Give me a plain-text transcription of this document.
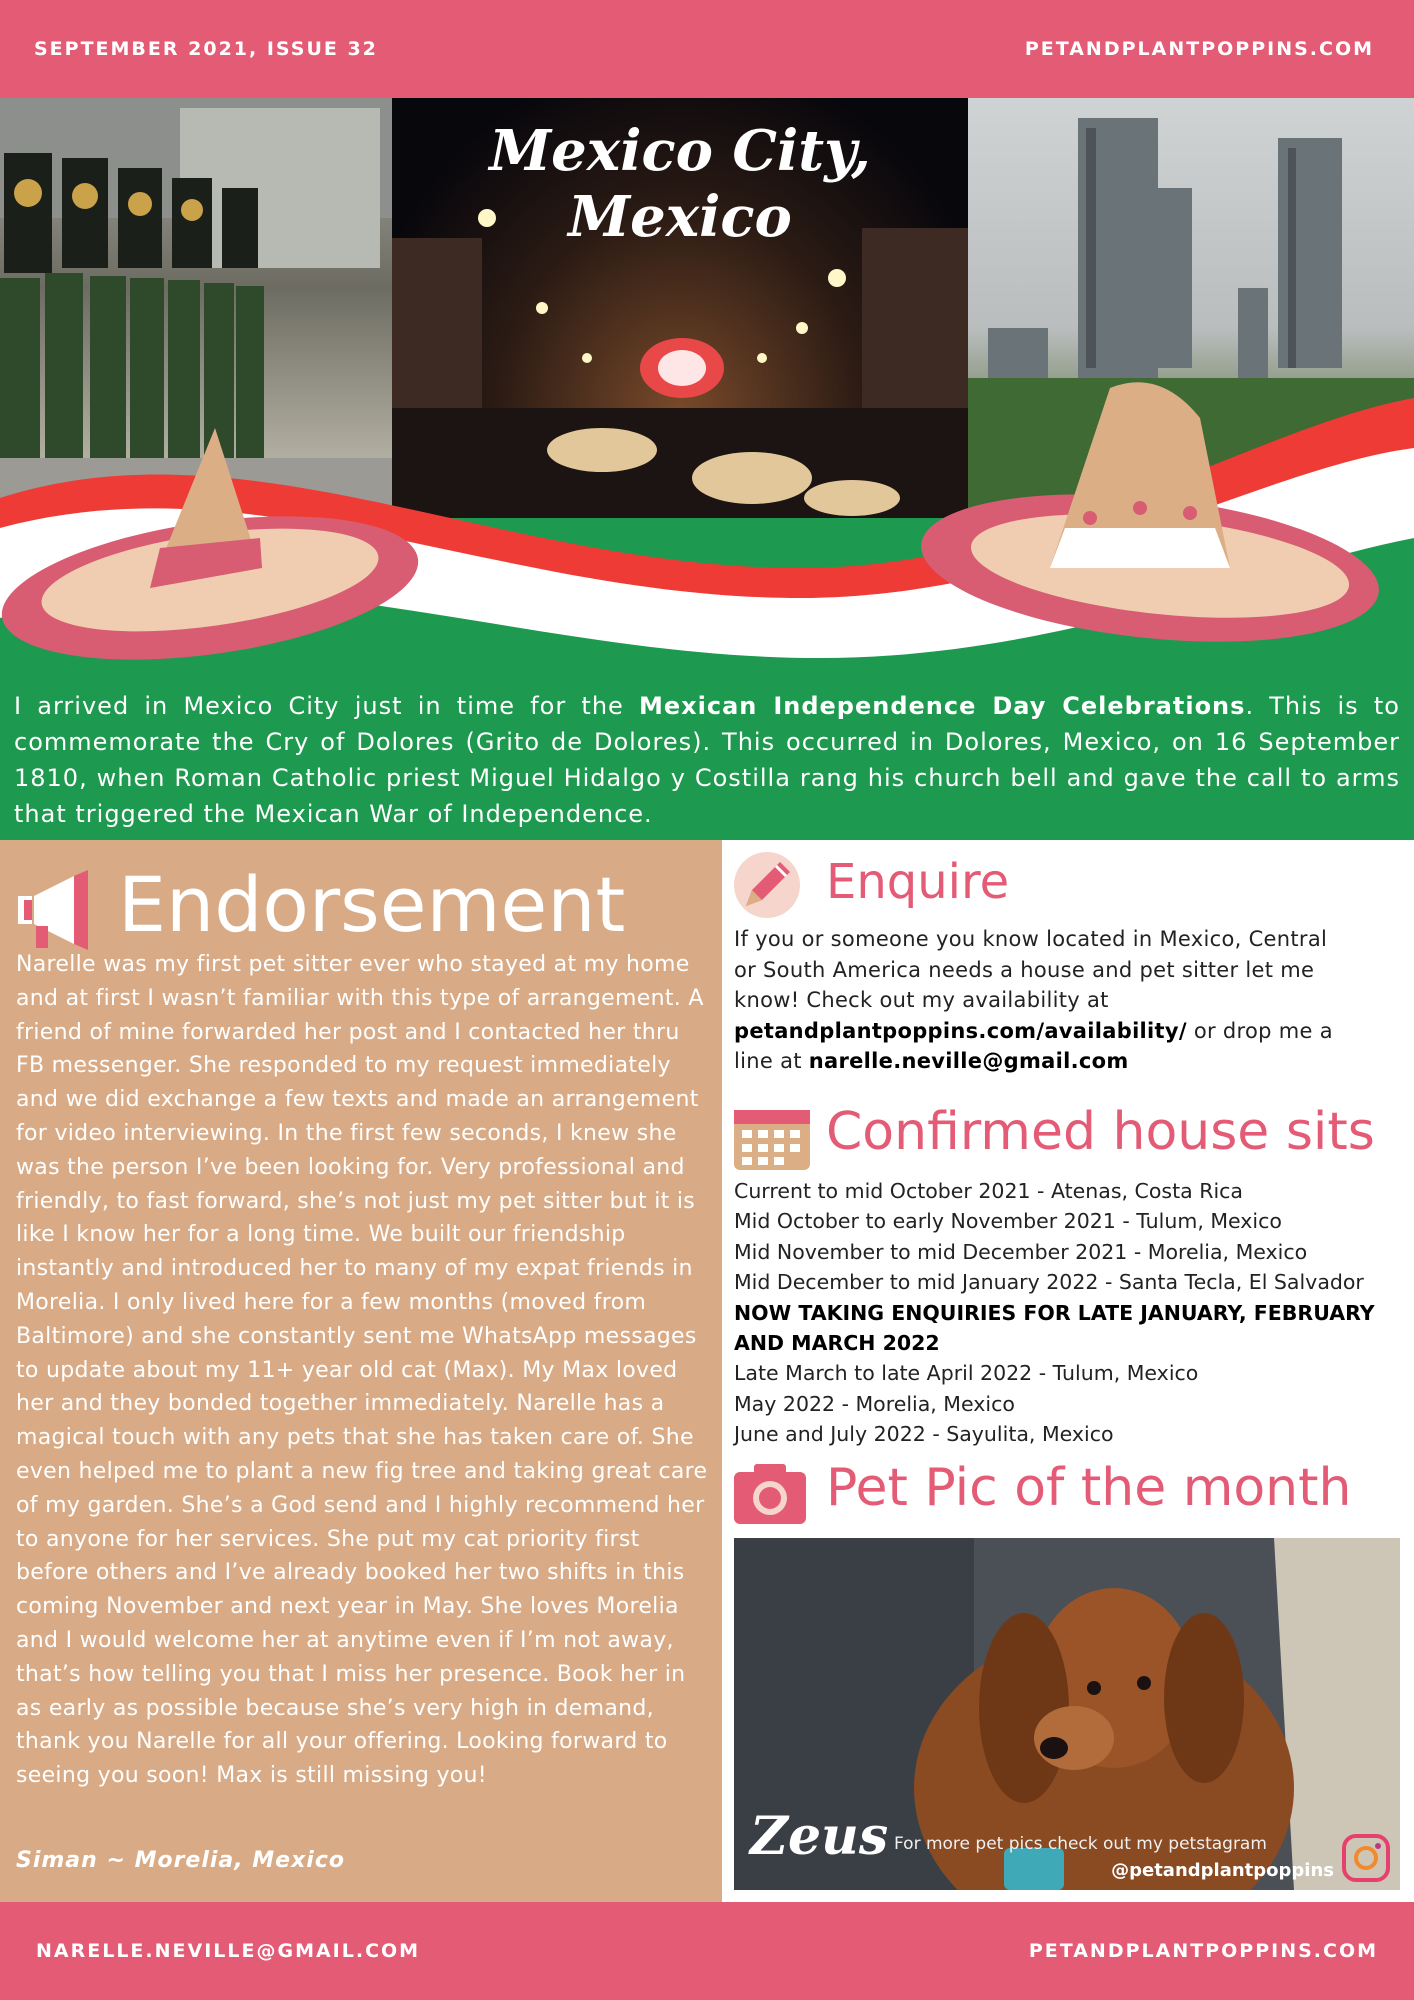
SEPTEMBER 2021, ISSUE 32	PETANDPLANTPOPPINS.COM
Mexico City, Mexico

I arrived in Mexico City just in time for the Mexican Independence Day Celebrations. This is to commemorate the Cry of Dolores (Grito de Dolores). This occurred in Dolores, Mexico, on 16 September 1810, when Roman Catholic priest Miguel Hidalgo y Costilla rang his church bell and gave the call to arms that triggered the Mexican War of Independence.

Endorsement

Narelle was my first pet sitter ever who stayed at my home and at first I wasn’t familiar with this type of arrangement. A friend of mine forwarded her post and I contacted her thru FB messenger. She responded to my request immediately and we did exchange a few texts and made an arrangement for video interviewing. In the first few seconds, I knew she was the person I’ve been looking for. Very professional and friendly, to fast forward, she’s not just my pet sitter but it is like I know her for a long time. We built our friendship instantly and introduced her to many of my expat friends in Morelia. I only lived here for a few months (moved from Baltimore) and she constantly sent me WhatsApp messages to update about my 11+ year old cat (Max). My Max loved her and they bonded together immediately. Narelle has a magical touch with any pets that she has taken care of. She even helped me to plant a new fig tree and taking great care of my garden. She’s a God send and I highly recommend her to anyone for her services. She put my cat priority first before others and I’ve already booked her two shifts in this coming November and next year in May. She loves Morelia and I would welcome her at anytime even if I’m not away, that’s how telling you that I miss her presence. Book her in as early as possible because she’s very high in demand, thank you Narelle for all your offering. Looking forward to seeing you soon! Max is still missing you!

Siman ~ Morelia, Mexico
Enquire

If you or someone you know located in Mexico, Central or South America needs a house and pet sitter let me know! Check out my availability at petandplantpoppins.com/availability/ or drop me a line at narelle.neville@gmail.com

Confirmed house sits
Current to mid October 2021 - Atenas, Costa Rica
Mid October to early November 2021 - Tulum, Mexico
Mid November to mid December 2021 - Morelia, Mexico
Mid December to mid January 2022 - Santa Tecla, El Salvador
NOW TAKING ENQUIRIES FOR LATE JANUARY, FEBRUARY AND MARCH 2022
Late March to late April 2022 - Tulum, Mexico
May 2022 - Morelia, Mexico
June and July 2022 - Sayulita, Mexico
Pet Pic of the month
Zeus For more pet pics check out my petstagram
@petandplantpoppins
NARELLE.NEVILLE@GMAIL.COM	PETANDPLANTPOPPINS.COM
